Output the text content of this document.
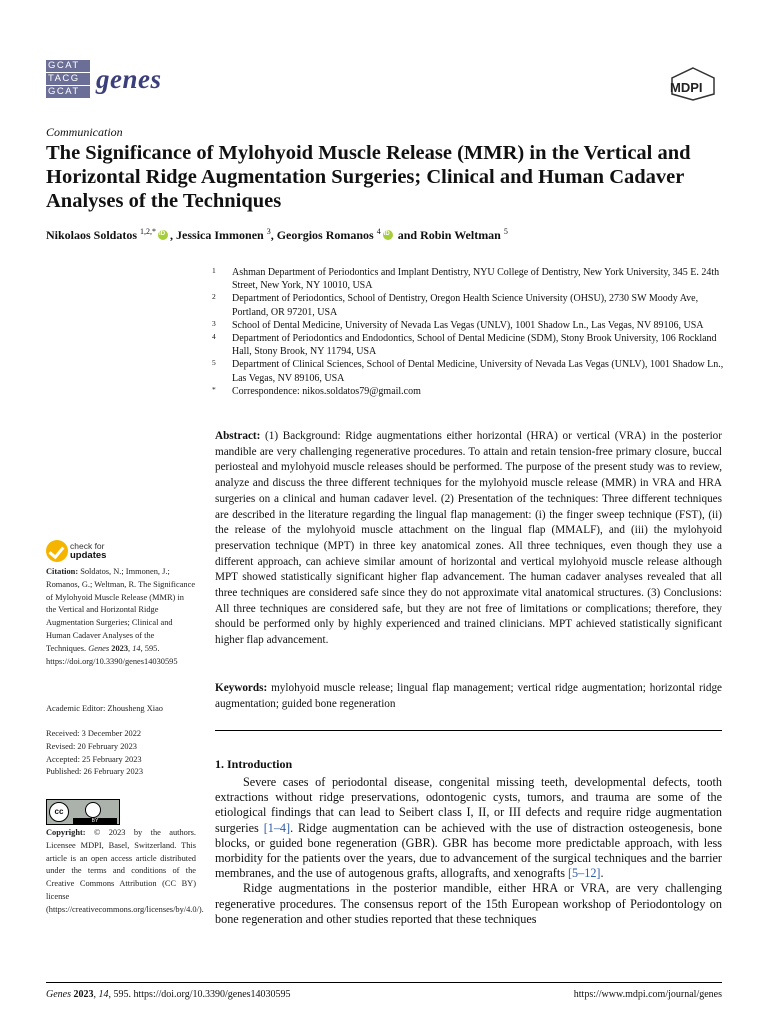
GCAT
TACG
GCAT genes	MDPI
Communication
The Significance of Mylohyoid Muscle Release (MMR) in the Vertical and Horizontal Ridge Augmentation Surgeries; Clinical and Human Cadaver Analyses of the Techniques
Nikolaos Soldatos $^{1,2,*}$iD , Jessica Immonen $^3$, Georgios Romanos $^4$iD and Robin Weltman $^5$
1 Ashman Department of Periodontics and Implant Dentistry, NYU College of Dentistry, New York University, 345 E. 24th Street, New York, NY 10010, USA
2 Department of Periodontics, School of Dentistry, Oregon Health Science University (OHSU), 2730 SW Moody Ave, Portland, OR 97201, USA
3 School of Dental Medicine, University of Nevada Las Vegas (UNLV), 1001 Shadow Ln., Las Vegas, NV 89106, USA
4 Department of Periodontics and Endodontics, School of Dental Medicine (SDM), Stony Brook University, 106 Rockland Hall, Stony Brook, NY 11794, USA
5 Department of Clinical Sciences, School of Dental Medicine, University of Nevada Las Vegas (UNLV), 1001 Shadow Ln., Las Vegas, NV 89106, USA
* Correspondence: nikos.soldatos79@gmail.com
Abstract: (1) Background: Ridge augmentations either horizontal (HRA) or vertical (VRA) in the posterior mandible are very challenging regenerative procedures. To attain and retain tension-free primary closure, buccal periosteal and mylohyoid muscle releases should be performed. The purpose of the present study was to review, analyze and discuss the three different techniques for the mylohyoid muscle release (MMR) in VRA and HRA surgeries on a clinical and human cadaver level. (2) Presentation of the techniques: Three different techniques are described in the literature regarding the lingual flap management: (i) the finger sweep technique (FST), (ii) the release of the mylohyoid muscle attachment on the lingual flap (MMALF), and (iii) the mylohyoid preservation technique (MPT) in three key anatomical zones. All three techniques, even though they use a different approach, can achieve similar amount of horizontal and vertical mylohyoid muscle release although MPT showed statistically significant higher flap advancement. The human cadaver analyses revealed that all three techniques are considered safe since they do not approximate vital anatomical structures. (3) Conclusions: All three techniques are considered safe, but they are not free of limitations or complications; therefore, they should be performed only by highly experienced and trained clinicians. MPT achieved statistically significant higher flap advancement.
Keywords: mylohyoid muscle release; lingual flap management; vertical ridge augmentation; horizontal ridge augmentation; guided bone regeneration
check for
updates
Citation: Soldatos, N.; Immonen, J.; Romanos, G.; Weltman, R. The Significance of Mylohyoid Muscle Release (MMR) in the Vertical and Horizontal Ridge Augmentation Surgeries; Clinical and Human Cadaver Analyses of the Techniques. Genes 2023, 14, 595. https://doi.org/10.3390/genes14030595
Academic Editor: Zhousheng Xiao
Received: 3 December 2022
Revised: 20 February 2023
Accepted: 25 February 2023
Published: 26 February 2023
cc
BY
Copyright: © 2023 by the authors. Licensee MDPI, Basel, Switzerland. This article is an open access article distributed under the terms and conditions of the Creative Commons Attribution (CC BY) license (https://creativecommons.org/licenses/by/4.0/).
1. Introduction

Severe cases of periodontal disease, congenital missing teeth, developmental defects, tooth extractions without ridge preservations, odontogenic cysts, tumors, and trauma are some of the etiological findings that can lead to Seibert class I, II, or III defects and require ridge augmentation surgeries [1–4]. Ridge augmentation can be achieved with the use of distraction osteogenesis, bone blocks, or guided bone regeneration (GBR). GBR has become more predictable approach, with less morbidity for the patients over the years, due to advancement of the surgical techniques and the barrier membranes, and the use of autogenous grafts, allografts, and xenografts [5–12].

Ridge augmentations in the posterior mandible, either HRA or VRA, are very challenging regenerative procedures. The consensus report of the 15th European workshop of Periodontology on bone regeneration and other studies reported that these techniques

Genes 2023, 14, 595. https://doi.org/10.3390/genes14030595	https://www.mdpi.com/journal/genes
